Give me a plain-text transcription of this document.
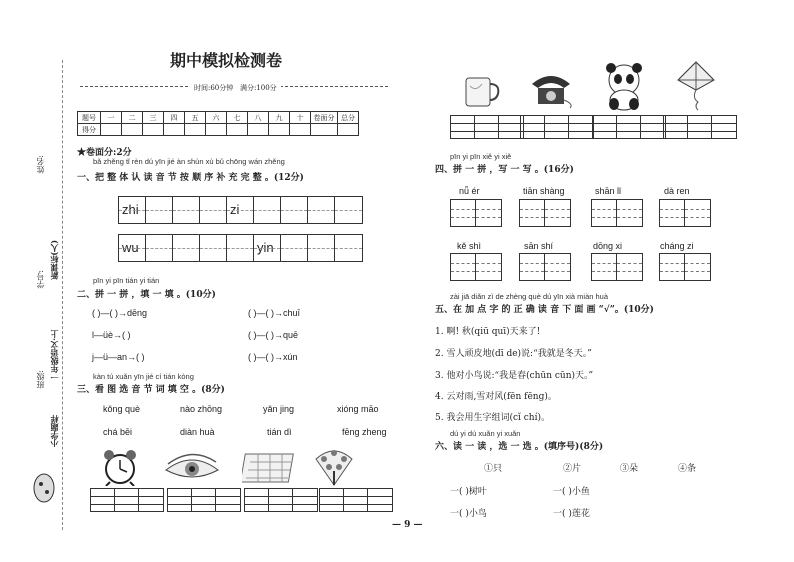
姓名:
学号:
班级:
新课标(人)
一年级语文·上
小学题样
期中模拟检测卷
时间:60分钟 满分:100分
题号	一	二	三	四	五	六	七	八	九	十	卷面分	总分
得分												
★卷面分:2分
bǎ zhěng tǐ rèn dú yīn jié àn shùn xù bǔ chōng wán zhěng
一、把 整 体 认 读 音 节 按 顺 序 补 充 完 整 。(12分)
zhi	zi
wu	yin
pīn yi pīn tián yi tián
二、拼 一 拼 ，填 一 填 。(10分)
( )—( )→dēng	( )—( )→chuī
l—üè→( )	( )—( )→quē
j—ü—an→( )	( )—( )→xún
kàn tú xuǎn yīn jié cí tián kòng
三、看 图 选 音 节 词 填 空 。(8分)
kǒng què	nào zhōng	yǎn jing	xióng māo
chá bēi	diàn huà	tián dì	fēng zheng
pīn yi pīn xiě yi xiě
四、拼 一 拼 ，写 一 写 。(16分)
nǚ ér	tiān shàng	shān lǐ	dà ren
kě shì	sān shí	dōng xi	cháng zi
zài jiā diǎn zì de zhèng què dú yīn xià miàn huà
五、在 加 点 字 的 正 确 读 音 下 面 画 “√”。(10分)
1. 啊! 秋(qiū quī)天来了!
2. 雪人顽皮地(dī de)说:“我就是冬天。”
3. 他对小鸟说:“我是春(chūn cūn)天。”
4. 云对雨,雪对风(fēn fēng)。
5. 我会用生字组词(cǐ chí)。
dú yi dú xuǎn yi xuǎn
六、读 一 读 ，选 一 选 。(填序号)(8分)
①只	②片	③朵	④条
一( )树叶	一( )小鱼
一( )小鸟	一( )莲花
— 9 —
